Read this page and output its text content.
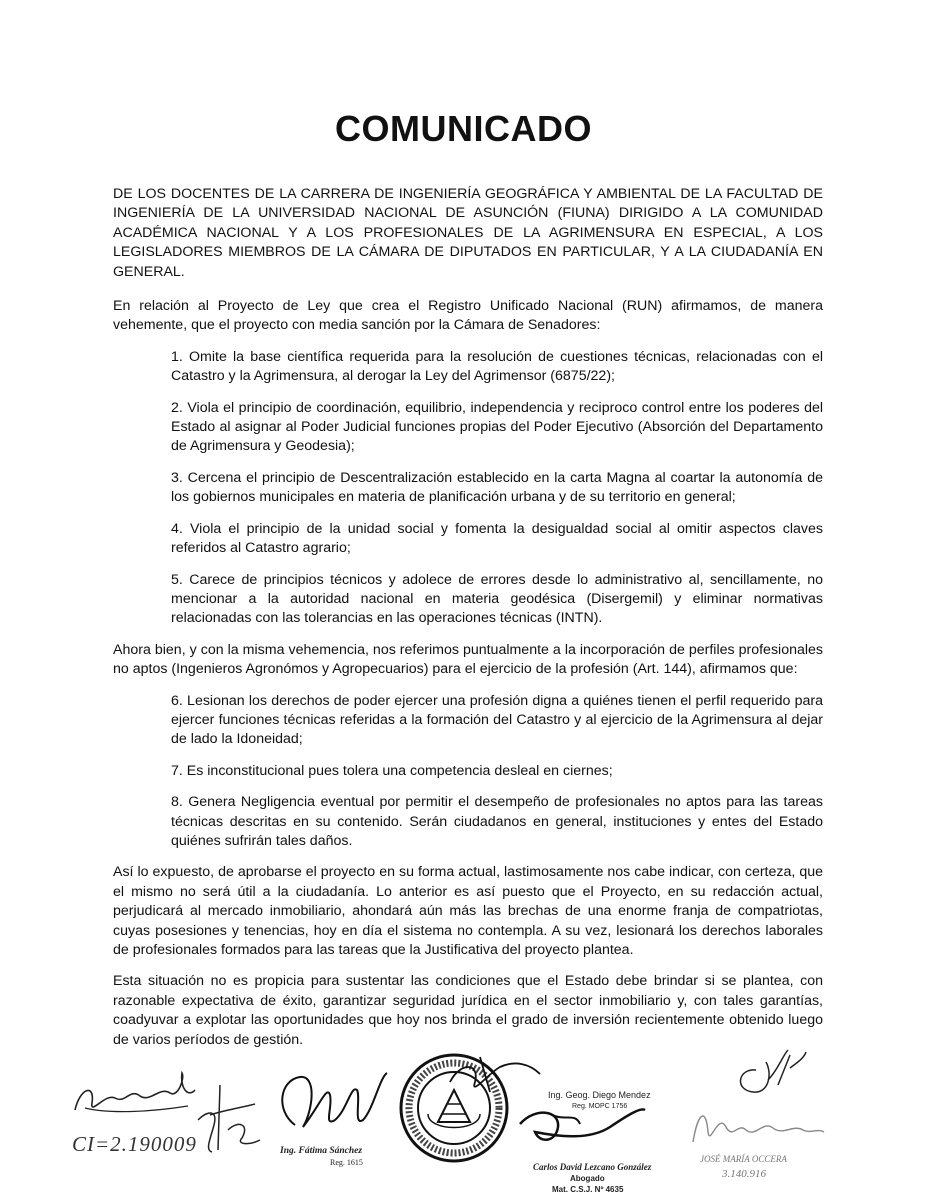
COMUNICADO

DE LOS DOCENTES DE LA CARRERA DE INGENIERÍA GEOGRÁFICA Y AMBIENTAL DE LA FACULTAD DE INGENIERÍA DE LA UNIVERSIDAD NACIONAL DE ASUNCIÓN (FIUNA) DIRIGIDO A LA COMUNIDAD ACADÉMICA NACIONAL Y A LOS PROFESIONALES DE LA AGRIMENSURA EN ESPECIAL, A LOS LEGISLADORES MIEMBROS DE LA CÁMARA DE DIPUTADOS EN PARTICULAR, Y A LA CIUDADANÍA EN GENERAL.

En relación al Proyecto de Ley que crea el Registro Unificado Nacional (RUN) afirmamos, de manera vehemente, que el proyecto con media sanción por la Cámara de Senadores:

1. Omite la base científica requerida para la resolución de cuestiones técnicas, relacionadas con el Catastro y la Agrimensura, al derogar la Ley del Agrimensor (6875/22);

2. Viola el principio de coordinación, equilibrio, independencia y reciproco control entre los poderes del Estado al asignar al Poder Judicial funciones propias del Poder Ejecutivo (Absorción del Departamento de Agrimensura y Geodesia);

3. Cercena el principio de Descentralización establecido en la carta Magna al coartar la autonomía de los gobiernos municipales en materia de planificación urbana y de su territorio en general;

4. Viola el principio de la unidad social y fomenta la desigualdad social al omitir aspectos claves referidos al Catastro agrario;

5. Carece de principios técnicos y adolece de errores desde lo administrativo al, sencillamente, no mencionar a la autoridad nacional en materia geodésica (Disergemil) y eliminar normativas relacionadas con las tolerancias en las operaciones técnicas (INTN).

Ahora bien, y con la misma vehemencia, nos referimos puntualmente a la incorporación de perfiles profesionales no aptos (Ingenieros Agronómos y Agropecuarios) para el ejercicio de la profesión (Art. 144), afirmamos que:

6. Lesionan los derechos de poder ejercer una profesión digna a quiénes tienen el perfil requerido para ejercer funciones técnicas referidas a la formación del Catastro y al ejercicio de la Agrimensura al dejar de lado la Idoneidad;

7. Es inconstitucional pues tolera una competencia desleal en ciernes;

8. Genera Negligencia eventual por permitir el desempeño de profesionales no aptos para las tareas técnicas descritas en su contenido. Serán ciudadanos en general, instituciones y entes del Estado quiénes sufrirán tales daños.

Así lo expuesto, de aprobarse el proyecto en su forma actual, lastimosamente nos cabe indicar, con certeza, que el mismo no será útil a la ciudadanía. Lo anterior es así puesto que el Proyecto, en su redacción actual, perjudicará al mercado inmobiliario, ahondará aún más las brechas de una enorme franja de compatriotas, cuyas posesiones y tenencias, hoy en día el sistema no contempla. A su vez, lesionará los derechos laborales de profesionales formados para las tareas que la Justificativa del proyecto plantea.

Esta situación no es propicia para sustentar las condiciones que el Estado debe brindar si se plantea, con razonable expectativa de éxito, garantizar seguridad jurídica en el sector inmobiliario y, con tales garantías, coadyuvar a explotar las oportunidades que hoy nos brinda el grado de inversión recientemente obtenido luego de varios períodos de gestión.

CI=2.190009	Ing. Fátima Sánchez
Reg. 1615
Ing. Geog. Diego Mendez
Reg. MOPC 1756
Carlos David Lezcano González
Abogado
Mat. C.S.J. Nº 4635
JOSÉ MARÍA OCCERA
3.140.916
